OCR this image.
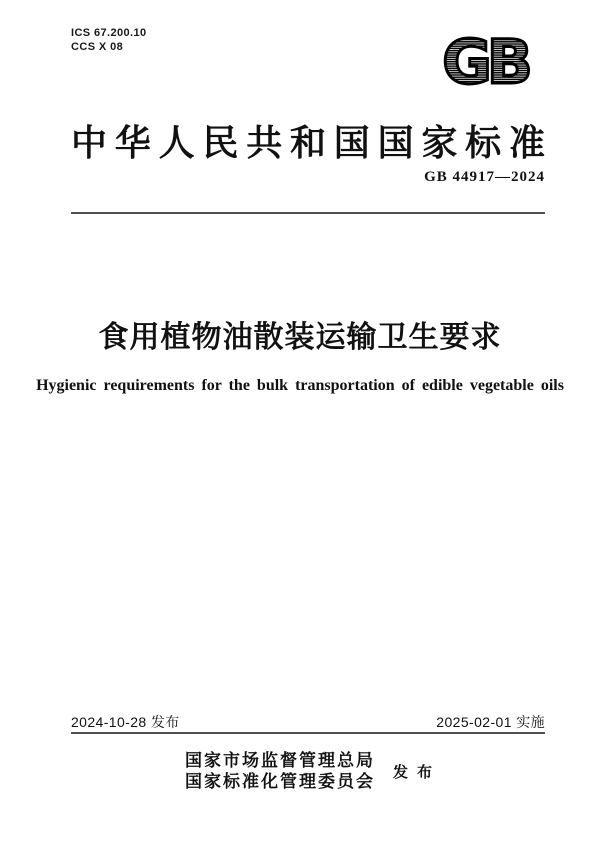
ICS 67.200.10
CCS X 08	GB
中华人民共和国国家标准
GB 44917—2024
食用植物油散装运输卫生要求
Hygienic requirements for the bulk transportation of edible vegetable oils
2024-10-28 发布	2025-02-01 实施
国家市场监督管理总局
国家标准化管理委员会 发布
